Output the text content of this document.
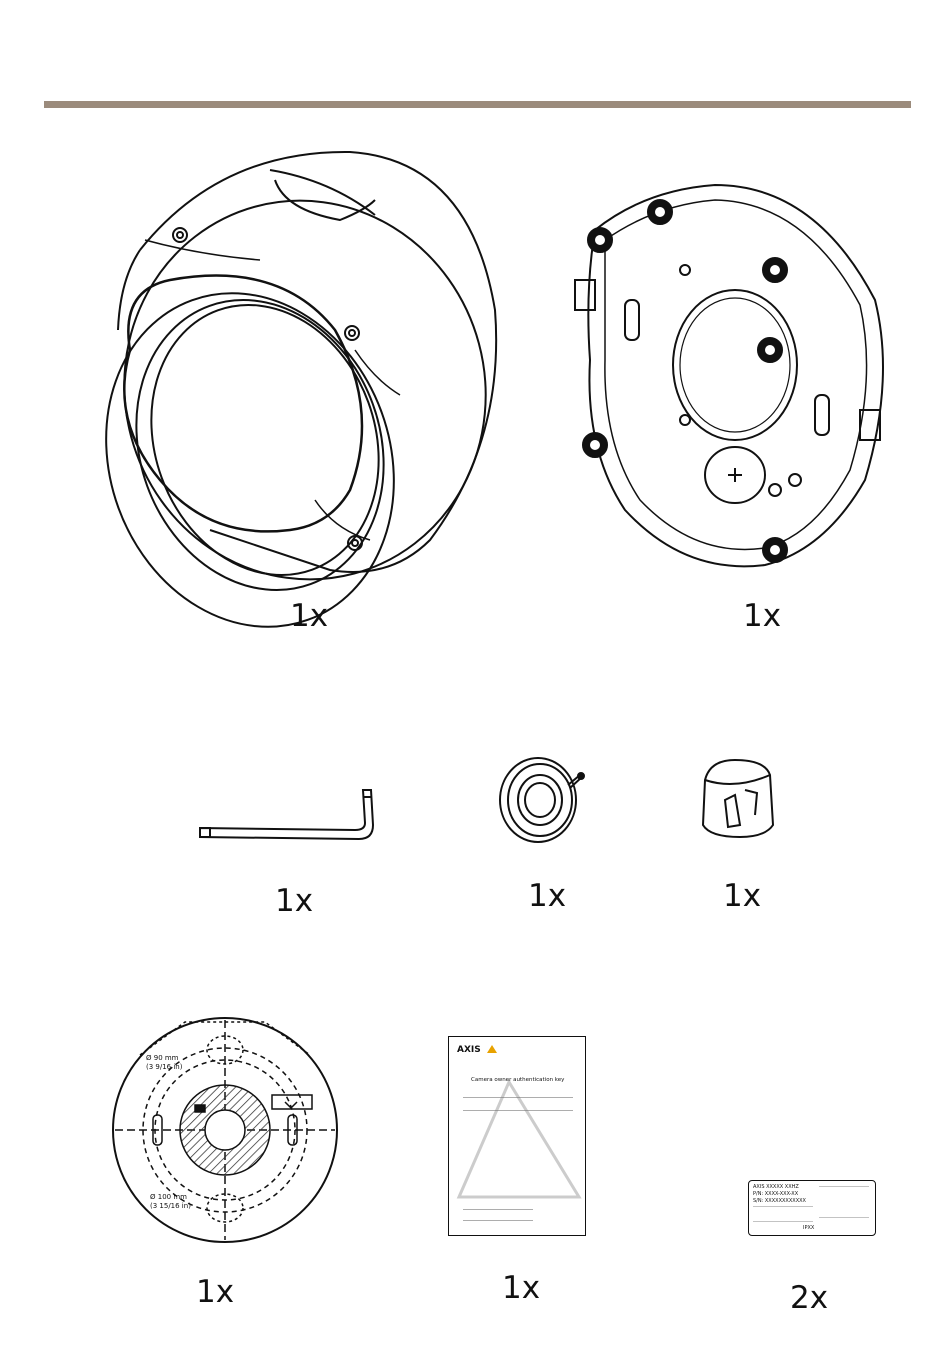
1x	1x
1x	1x	1x
Ø 90 mm
(3 9/16 in)
Ø 100 mm
(3 15/16 in)
1x
AXIS
Camera owner authentication key
1x
AXIS XXXXX XXHZ
P/N: XXXX-XXX-XX
S/N: XXXXXXXXXXXX
IPXX
2x
